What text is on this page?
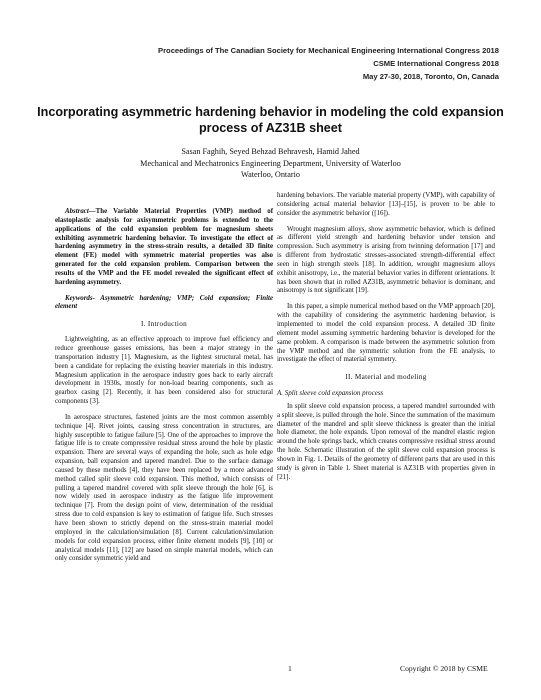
Proceedings of The Canadian Society for Mechanical Engineering International Congress 2018
CSME International Congress 2018
May 27-30, 2018, Toronto, On, Canada
Incorporating asymmetric hardening behavior in modeling the cold expansion process of AZ31B sheet
Sasan Faghih, Seyed Behzad Behravesh, Hamid Jahed
Mechanical and Mechatronics Engineering Department, University of Waterloo
Waterloo, Ontario

Abstract—The Variable Material Properties (VMP) method of elastoplastic analysis for axisymmetric problems is extended to the applications of the cold expansion problem for magnesium sheets exhibiting asymmetric hardening behavior. To investigate the effect of hardening asymmetry in the stress-strain results, a detailed 3D finite element (FE) model with symmetric material properties was also generated for the cold expansion problem. Comparison between the results of the VMP and the FE model revealed the significant effect of hardening asymmetry.

Keywords- Asymmetric hardening; VMP; Cold expansion; Finite element

I. Introduction

Lightweighting, as an effective approach to improve fuel efficiency and reduce greenhouse gasses emissions, has been a major strategy in the transportation industry [1]. Magnesium, as the lightest structural metal, has been a candidate for replacing the existing heavier materials in this industry. Magnesium application in the aerospace industry goes back to early aircraft development in 1930s, mostly for non-load bearing components, such as gearbox casing [2]. Recently, it has been considered also for structural components [3].

In aerospace structures, fastened joints are the most common assembly technique [4]. Rivet joints, causing stress concentration in structures, are highly susceptible to fatigue failure [5]. One of the approaches to improve the fatigue life is to create compressive residual stress around the hole by plastic expansion. There are several ways of expanding the hole, such as hole edge expansion, ball expansion and tapered mandrel. Due to the surface damage caused by these methods [4], they have been replaced by a more advanced method called split sleeve cold expansion. This method, which consists of pulling a tapered mandrel covered with split sleeve through the hole [6], is now widely used in aerospace industry as the fatigue life improvement technique [7]. From the design point of view, determination of the residual stress due to cold expansion is key to estimation of fatigue life. Such stresses have been shown to strictly depend on the stress-strain material model employed in the calculation/simulation [8]. Current calculation/simulation models for cold expansion process, either finite element models [9], [10] or analytical models [11], [12] are based on simple material models, which can only consider symmetric yield and

hardening behaviors. The variable material property (VMP), with capability of considering actual material behavior [13]–[15], is proven to be able to consider the asymmetric behavior ([16]).

Wrought magnesium alloys, show asymmetric behavior, which is defined as different yield strength and hardening behavior under tension and compression. Such asymmetry is arising from twinning deformation [17] and is different from hydrostatic stresses-associated strength-differential effect seen in high strength steels [18]. In addition, wrought magnesium alloys exhibit anisotropy, i.e., the material behavior varies in different orientations. It has been shown that in rolled AZ31B, asymmetric behavior is dominant, and anisotropy is not significant [19].

In this paper, a simple numerical method based on the VMP approach [20], with the capability of considering the asymmetric hardening behavior, is implemented to model the cold expansion process. A detailed 3D finite element model assuming symmetric hardening behavior is developed for the same problem. A comparison is made between the asymmetric solution from the VMP method and the symmetric solution from the FE analysis, to investigate the effect of material symmetry.

II. Material and modeling
A. Split sleeve cold expansion process

In split sleeve cold expansion process, a tapered mandrel surrounded with a split sleeve, is pulled through the hole. Since the summation of the maximum diameter of the mandrel and split sleeve thickness is greater than the initial hole diameter, the hole expands. Upon removal of the mandrel elastic region around the hole springs back, which creates compressive residual stress around the hole. Schematic illustration of the split sleeve cold expansion process is shown in Fig. 1. Details of the geometry of different parts that are used in this study is given in Table 1. Sheet material is AZ31B with properties given in [21].

1	Copyright © 2018 by CSME
